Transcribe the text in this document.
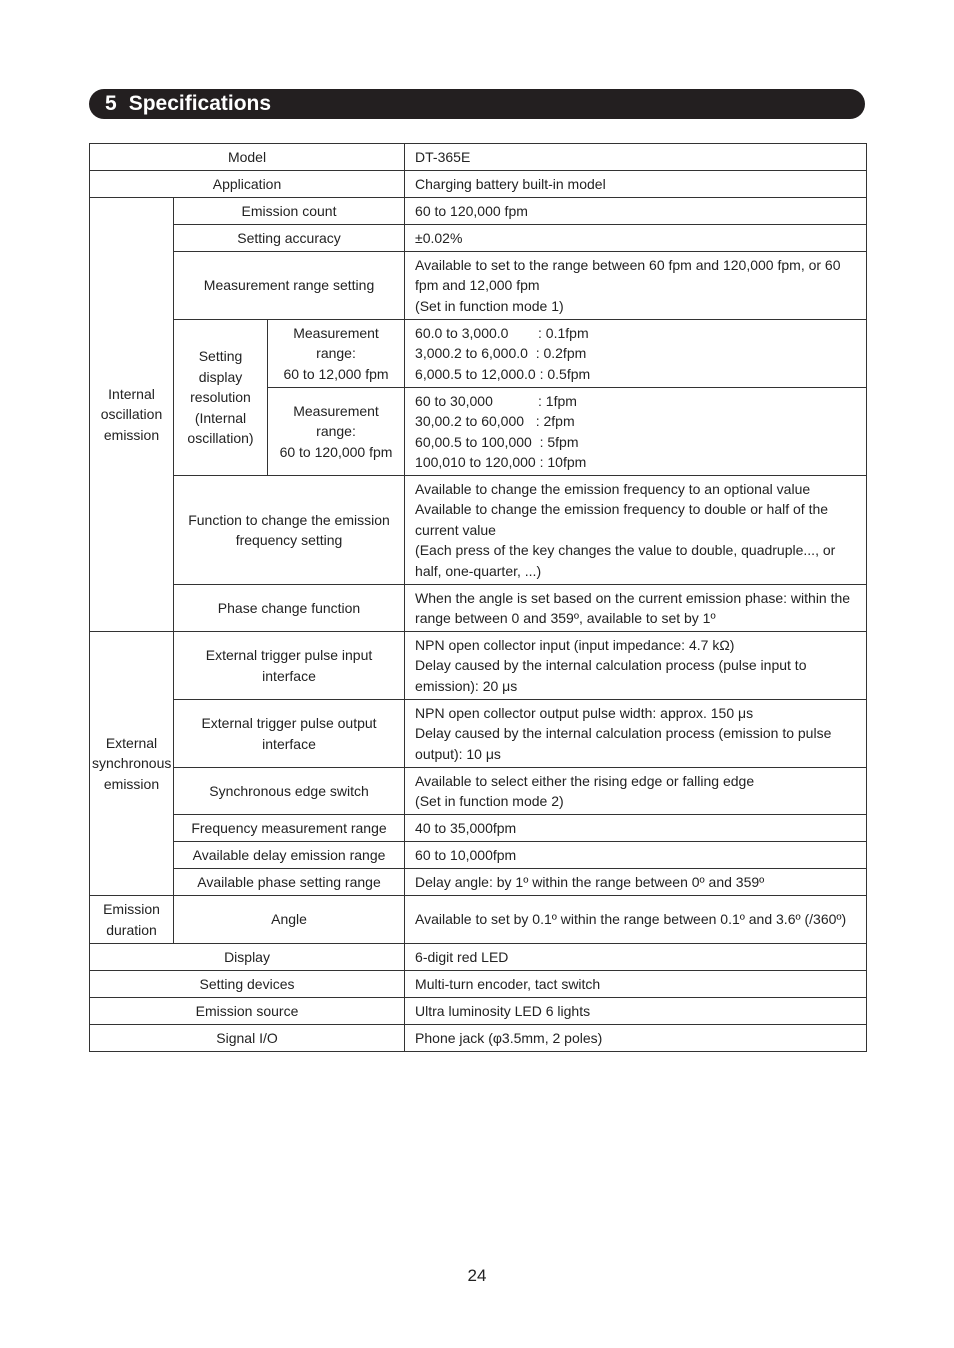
5 Specifications
Model			DT-365E
Application			Charging battery built-in model
Internal
oscillation
emission	Emission count		60 to 120,000 fpm
	Setting accuracy		±0.02%
	Measurement range setting		Available to set to the range between 60 fpm and 120,000 fpm, or 60 fpm and 12,000 fpm
(Set in function mode 1)
	Setting
display
resolution
(Internal
oscillation)	Measurement
range:
60 to 12,000 fpm	60.0 to 3,000.0 : 0.1fpm
3,000.2 to 6,000.0 : 0.2fpm
6,000.5 to 12,000.0 : 0.5fpm
		Measurement
range:
60 to 120,000 fpm	60 to 30,000 : 1fpm
30,00.2 to 60,000 : 2fpm
60,00.5 to 100,000 : 5fpm
100,010 to 120,000 : 10fpm
	Function to change the emission frequency setting		Available to change the emission frequency to an optional value
Available to change the emission frequency to double or half of the current value
(Each press of the key changes the value to double, quadruple..., or half, one-quarter, ...)
	Phase change function		When the angle is set based on the current emission phase: within the range between 0 and 359º, available to set by 1º

External
synchronous
emission	External trigger pulse input interface		NPN open collector input (input impedance: 4.7 kΩ)
Delay caused by the internal calculation process (pulse input to emission): 20 μs
	External trigger pulse output interface		NPN open collector output pulse width: approx. 150 μs
Delay caused by the internal calculation process (emission to pulse output): 10 μs
	Synchronous edge switch		Available to select either the rising edge or falling edge
(Set in function mode 2)
	Frequency measurement range		40 to 35,000fpm
	Available delay emission range		60 to 10,000fpm
	Available phase setting range		Delay angle: by 1º within the range between 0º and 359º
Emission
duration	Angle		Available to set by 0.1º within the range between 0.1º and 3.6º (/360º)
Display			6-digit red LED
Setting devices			Multi-turn encoder, tact switch
Emission source			Ultra luminosity LED 6 lights
Signal I/O			Phone jack (φ3.5mm, 2 poles)
24
